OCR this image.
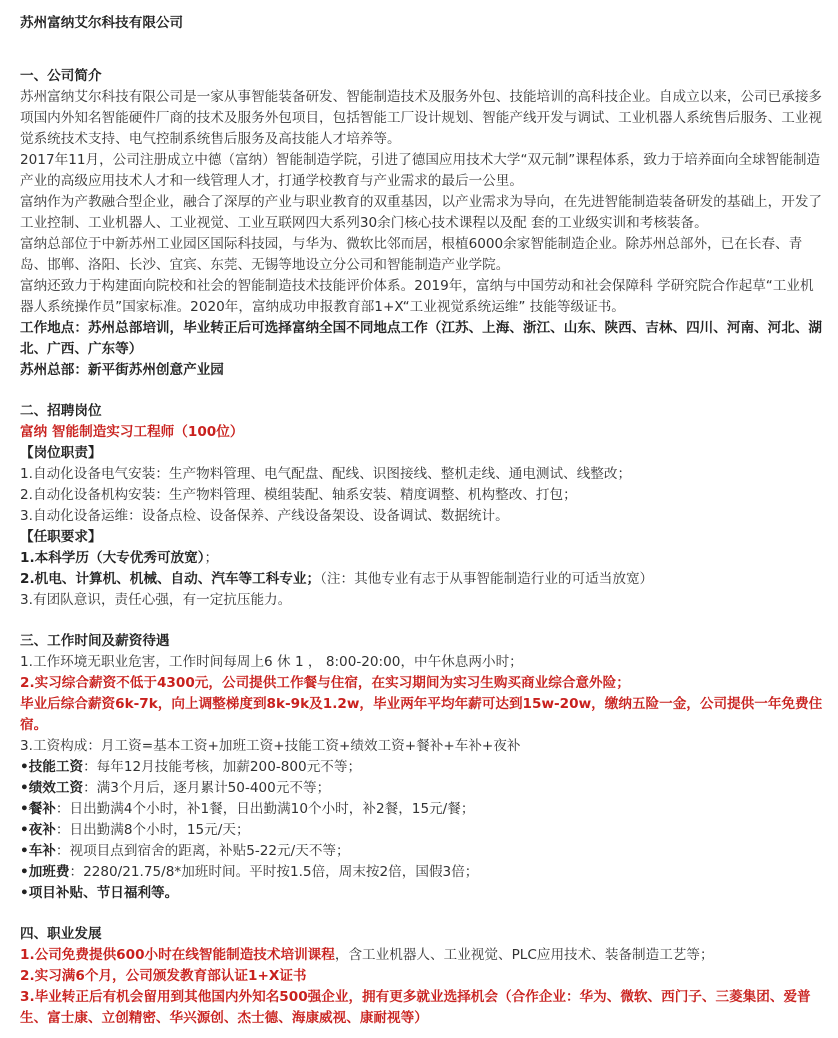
苏州富纳艾尔科技有限公司
一、公司简介
苏州富纳艾尔科技有限公司是一家从事智能装备研发、智能制造技术及服务外包、技能培训的高科技企业。自成立以来，公司已承接多项国内外知名智能硬件厂商的技术及服务外包项目，包括智能工厂设计规划、智能产线开发与调试、工业机器人系统售后服务、工业视觉系统技术支持、电气控制系统售后服务及高技能人才培养等。
2017年11月，公司注册成立中德（富纳）智能制造学院，引进了德国应用技术大学“双元制”课程体系，致力于培养面向全球智能制造产业的高级应用技术人才和一线管理人才，打通学校教育与产业需求的最后一公里。
富纳作为产教融合型企业，融合了深厚的产业与职业教育的双重基因，以产业需求为导向，在先进智能制造装备研发的基础上，开发了工业控制、工业机器人、工业视觉、工业互联网四大系列30余门核心技术课程以及配 套的工业级实训和考核装备。
富纳总部位于中新苏州工业园区国际科技园，与华为、微软比邻而居，根植6000余家智能制造企业。除苏州总部外，已在长春、青岛、邯郸、洛阳、长沙、宜宾、东莞、无锡等地设立分公司和智能制造产业学院。
富纳还致力于构建面向院校和社会的智能制造技术技能评价体系。2019年，富纳与中国劳动和社会保障科 学研究院合作起草“工业机器人系统操作员”国家标准。2020年，富纳成功申报教育部1+X“工业视觉系统运维” 技能等级证书。
工作地点：苏州总部培训，毕业转正后可选择富纳全国不同地点工作（江苏、上海、浙江、山东、陕西、吉林、四川、河南、河北、湖北、广西、广东等）
苏州总部：新平街苏州创意产业园
二、招聘岗位
富纳 智能制造实习工程师（100位）
【岗位职责】
1.自动化设备电气安装：生产物料管理、电气配盘、配线、识图接线、整机走线、通电测试、线整改；
2.自动化设备机构安装：生产物料管理、模组装配、轴系安装、精度调整、机构整改、打包；
3.自动化设备运维：设备点检、设备保养、产线设备架设、设备调试、数据统计。
【任职要求】
1.本科学历（大专优秀可放宽）；
2.机电、计算机、机械、自动、汽车等工科专业；（注：其他专业有志于从事智能制造行业的可适当放宽）
3.有团队意识，责任心强，有一定抗压能力。
三、工作时间及薪资待遇
1.工作环境无职业危害，工作时间每周上6 休 1 ， 8:00-20:00，中午休息两小时；
2.实习综合薪资不低于4300元，公司提供工作餐与住宿，在实习期间为实习生购买商业综合意外险；
毕业后综合薪资6k-7k，向上调整梯度到8k-9k及1.2w，毕业两年平均年薪可达到15w-20w，缴纳五险一金，公司提供一年免费住宿。
3.工资构成：月工资=基本工资+加班工资+技能工资+绩效工资+餐补+车补+夜补
•技能工资：每年12月技能考核，加薪200-800元不等；
•绩效工资：满3个月后，逐月累计50-400元不等；
•餐补：日出勤满4个小时，补1餐，日出勤满10个小时，补2餐，15元/餐；
•夜补：日出勤满8个小时，15元/天；
•车补：视项目点到宿舍的距离，补贴5-22元/天不等；
•加班费：2280/21.75/8*加班时间。平时按1.5倍，周末按2倍，国假3倍；
•项目补贴、节日福利等。
四、职业发展
1.公司免费提供600小时在线智能制造技术培训课程，含工业机器人、工业视觉、PLC应用技术、装备制造工艺等；
2.实习满6个月，公司颁发教育部认证1+X证书
3.毕业转正后有机会留用到其他国内外知名500强企业，拥有更多就业选择机会（合作企业：华为、微软、西门子、三菱集团、爱普生、富士康、立创精密、华兴源创、杰士德、海康威视、康耐视等）
